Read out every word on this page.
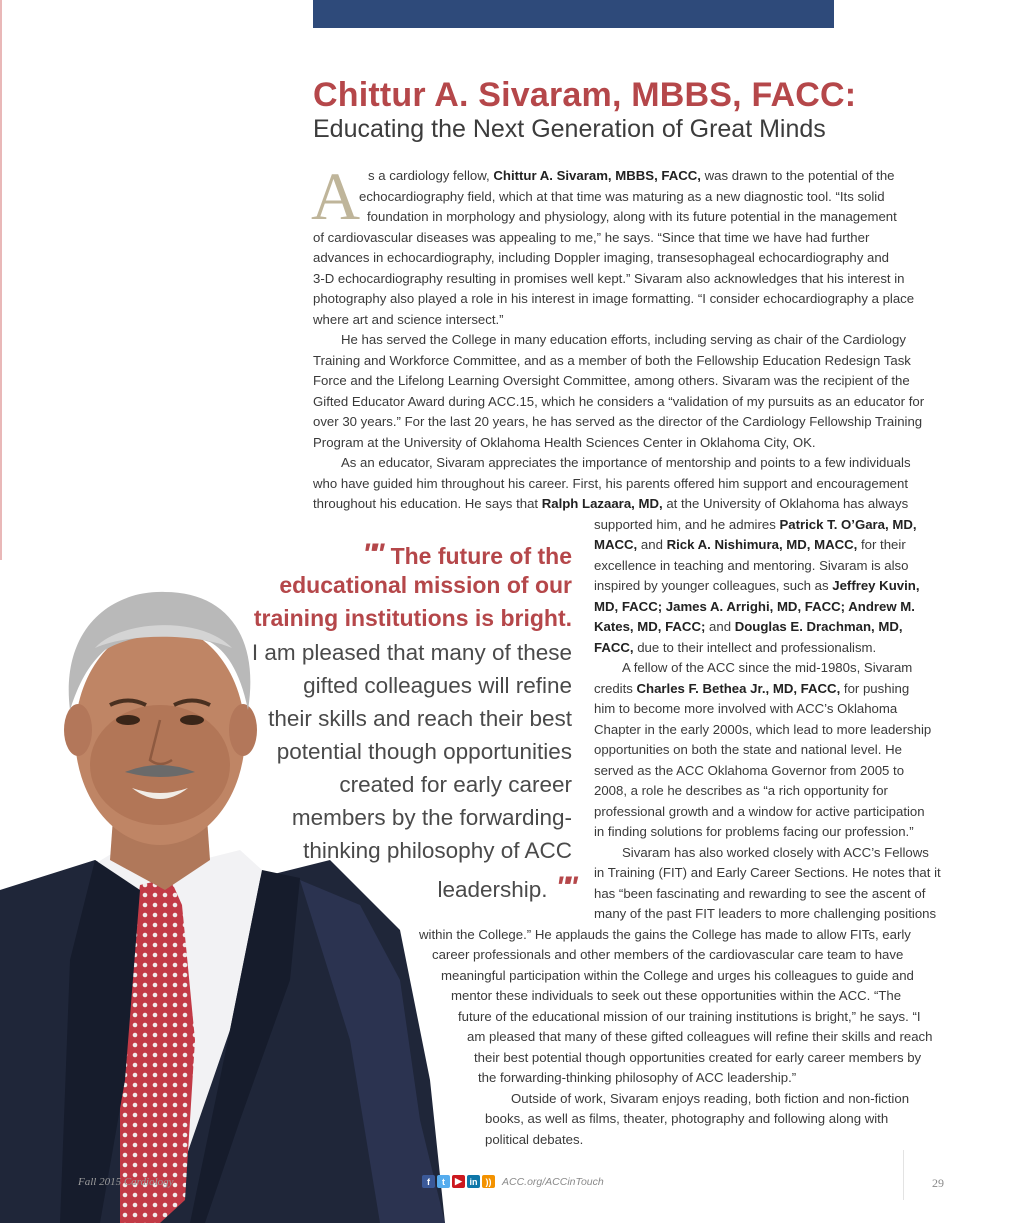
Chittur A. Sivaram, MBBS, FACC:
Educating the Next Generation of Great Minds
A s a cardiology fellow, Chittur A. Sivaram, MBBS, FACC, was drawn to the potential of the
echocardiography field, which at that time was maturing as a new diagnostic tool. “Its solid
foundation in morphology and physiology, along with its future potential in the management
of cardiovascular diseases was appealing to me,” he says. “Since that time we have had further
advances in echocardiography, including Doppler imaging, transesophageal echocardiography and
3-D echocardiography resulting in promises well kept.” Sivaram also acknowledges that his interest in
photography also played a role in his interest in image formatting. “I consider echocardiography a place
where art and science intersect.”
He has served the College in many education efforts, including serving as chair of the Cardiology
Training and Workforce Committee, and as a member of both the Fellowship Education Redesign Task
Force and the Lifelong Learning Oversight Committee, among others. Sivaram was the recipient of the
Gifted Educator Award during ACC.15, which he considers a “validation of my pursuits as an educator for
over 30 years.” For the last 20 years, he has served as the director of the Cardiology Fellowship Training
Program at the University of Oklahoma Health Sciences Center in Oklahoma City, OK.
As an educator, Sivaram appreciates the importance of mentorship and points to a few individuals
who have guided him throughout his career. First, his parents offered him support and encouragement
throughout his education. He says that Ralph Lazaara, MD, at the University of Oklahoma has always
supported him, and he admires Patrick T. O’Gara, MD,
MACC, and Rick A. Nishimura, MD, MACC, for their
excellence in teaching and mentoring. Sivaram is also
inspired by younger colleagues, such as Jeffrey Kuvin,
MD, FACC; James A. Arrighi, MD, FACC; Andrew M.
Kates, MD, FACC; and Douglas E. Drachman, MD,
FACC, due to their intellect and professionalism.
A fellow of the ACC since the mid-1980s, Sivaram
credits Charles F. Bethea Jr., MD, FACC, for pushing
him to become more involved with ACC’s Oklahoma
Chapter in the early 2000s, which lead to more leadership
opportunities on both the state and national level. He
served as the ACC Oklahoma Governor from 2005 to
2008, a role he describes as “a rich opportunity for
professional growth and a window for active participation
in finding solutions for problems facing our profession.”
Sivaram has also worked closely with ACC’s Fellows
in Training (FIT) and Early Career Sections. He notes that it
has “been fascinating and rewarding to see the ascent of
many of the past FIT leaders to more challenging positions
within the College.” He applauds the gains the College has made to allow FITs, early
career professionals and other members of the cardiovascular care team to have
meaningful participation within the College and urges his colleagues to guide and
mentor these individuals to seek out these opportunities within the ACC. “The
future of the educational mission of our training institutions is bright,” he says. “I
am pleased that many of these gifted colleagues will refine their skills and reach
their best potential though opportunities created for early career members by
the forwarding-thinking philosophy of ACC leadership.”
Outside of work, Sivaram enjoys reading, both fiction and non-fiction
books, as well as films, theater, photography and following along with
political debates.
"" The future of the
educational mission of our
training institutions is bright.
I am pleased that many of these
gifted colleagues will refine
their skills and reach their best
potential though opportunities
created for early career
members by the forwarding-
thinking philosophy of ACC
leadership. ""
Fall 2015 Cardiology	f	t	▶ in ))	ACC.org/ACCinTouch	29
